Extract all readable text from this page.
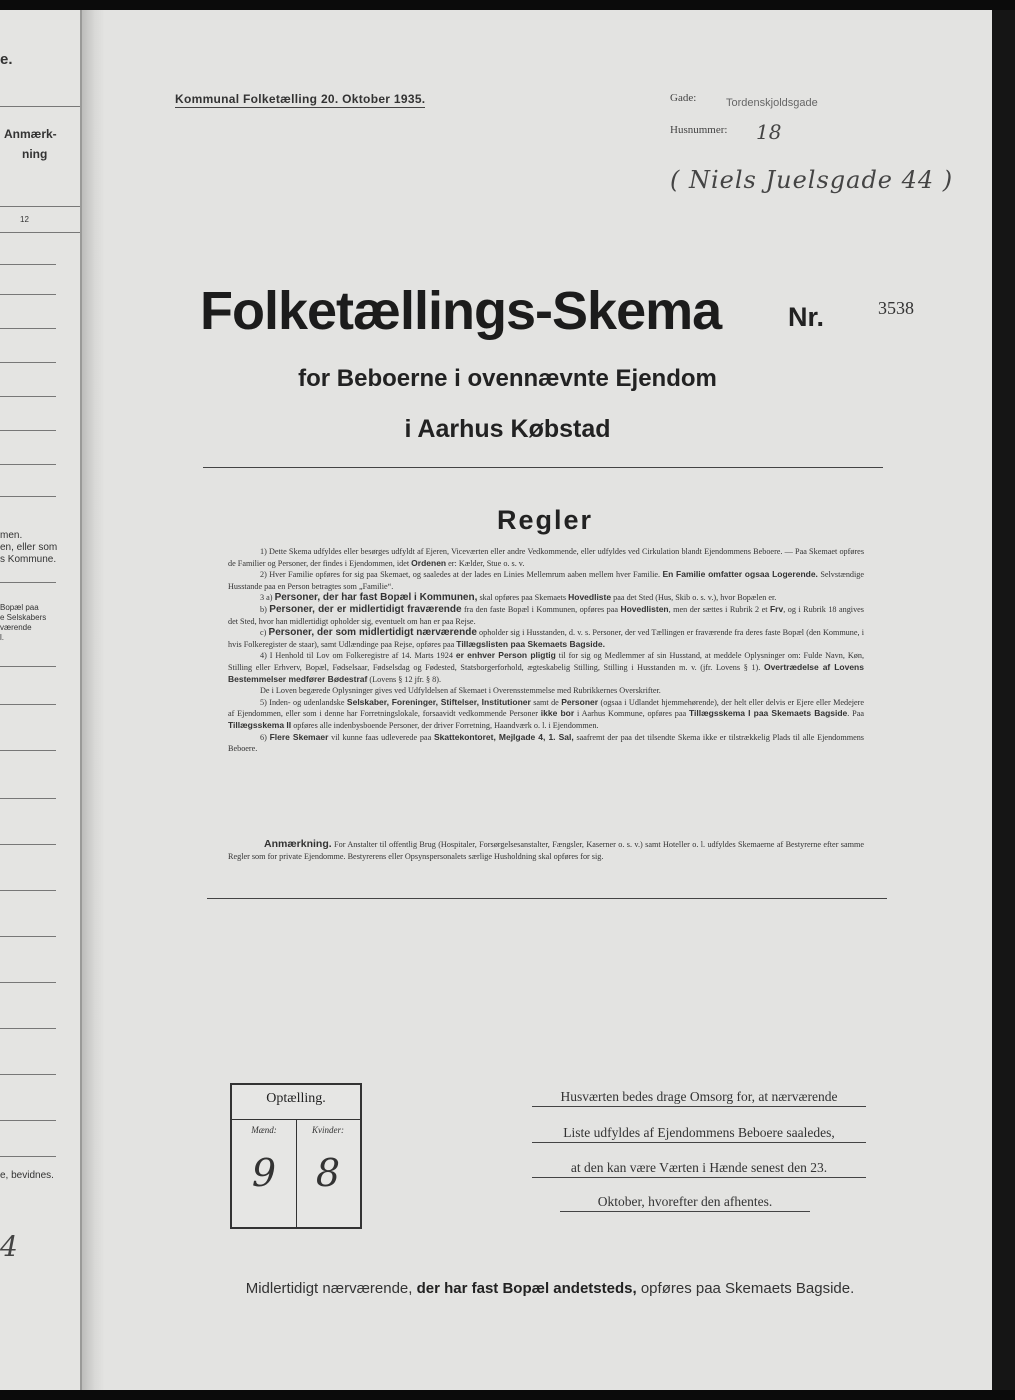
e.
Anmærk-
ning
12
men.
en, eller som
s Kommune.
Bopæl paa
e Selskabers
værende
l.
e, bevidnes.
4
Kommunal Folketælling 20. Oktober 1935.	Gade:	Tordenskjoldsgade
Husnummer: 18
( Niels Juelsgade 44 )
Folketællings-Skema Nr.	3538
for Beboerne i ovennævnte Ejendom
i Aarhus Købstad
Regler

1) Dette Skema udfyldes eller besørges udfyldt af Ejeren, Viceværten eller andre Vedkommende, eller udfyldes ved Cirkulation blandt Ejendommens Beboere. — Paa Skemaet opføres de Familier og Personer, der findes i Ejendommen, idet Ordenen er: Kælder, Stue o. s. v.

2) Hver Familie opføres for sig paa Skemaet, og saaledes at der lades en Linies Mellemrum aaben mellem hver Familie. En Familie omfatter ogsaa Logerende. Selvstændige Husstande paa en Person betragtes som „Familie“.

3 a) Personer, der har fast Bopæl i Kommunen, skal opføres paa Skemaets Hovedliste paa det Sted (Hus, Skib o. s. v.), hvor Bopælen er.

b) Personer, der er midlertidigt fraværende fra den faste Bopæl i Kommunen, opføres paa Hovedlisten, men der sættes i Rubrik 2 et Frv, og i Rubrik 18 angives det Sted, hvor han midlertidigt opholder sig, eventuelt om han er paa Rejse.

c) Personer, der som midlertidigt nærværende opholder sig i Husstanden, d. v. s. Personer, der ved Tællingen er fraværende fra deres faste Bopæl (den Kommune, i hvis Folkeregister de staar), samt Udlændinge paa Rejse, opføres paa Tillægslisten paa Skemaets Bagside.

4) I Henhold til Lov om Folkeregistre af 14. Marts 1924 er enhver Person pligtig til for sig og Medlemmer af sin Husstand, at meddele Oplysninger om: Fulde Navn, Køn, Stilling eller Erhverv, Bopæl, Fødselsaar, Fødselsdag og Fødested, Statsborgerforhold, ægteskabelig Stilling, Stilling i Husstanden m. v. (jfr. Lovens § 1). Overtrædelse af Lovens Bestemmelser medfører Bødestraf (Lovens § 12 jfr. § 8).

De i Loven begærede Oplysninger gives ved Udfyldelsen af Skemaet i Overensstemmelse med Rubrikkernes Overskrifter.

5) Inden- og udenlandske Selskaber, Foreninger, Stiftelser, Institutioner samt de Personer (ogsaa i Udlandet hjemmehørende), der helt eller delvis er Ejere eller Medejere af Ejendommen, eller som i denne har Forretningslokale, forsaavidt vedkommende Personer ikke bor i Aarhus Kommune, opføres paa Tillægsskema I paa Skemaets Bagside. Paa Tillægsskema II opføres alle indenbysboende Personer, der driver Forretning, Haandværk o. l. i Ejendommen.

6) Flere Skemaer vil kunne faas udleverede paa Skattekontoret, Mejlgade 4, 1. Sal, saafremt der paa det tilsendte Skema ikke er tilstrækkelig Plads til alle Ejendommens Beboere.

Anmærkning. For Anstalter til offentlig Brug (Hospitaler, Forsørgelsesanstalter, Fængsler, Kaserner o. s. v.) samt Hoteller o. l. udfyldes Skemaerne af Bestyrerne efter samme Regler som for private Ejendomme. Bestyrerens eller Opsynspersonalets særlige Husholdning skal opføres for sig.

Optælling.
Mænd:	Kvinder:
9	8
Husværten bedes drage Omsorg for, at nærværende
Liste udfyldes af Ejendommens Beboere saaledes,
at den kan være Værten i Hænde senest den 23.
Oktober, hvorefter den afhentes.
Midlertidigt nærværende, der har fast Bopæl andetsteds, opføres paa Skemaets Bagside.
